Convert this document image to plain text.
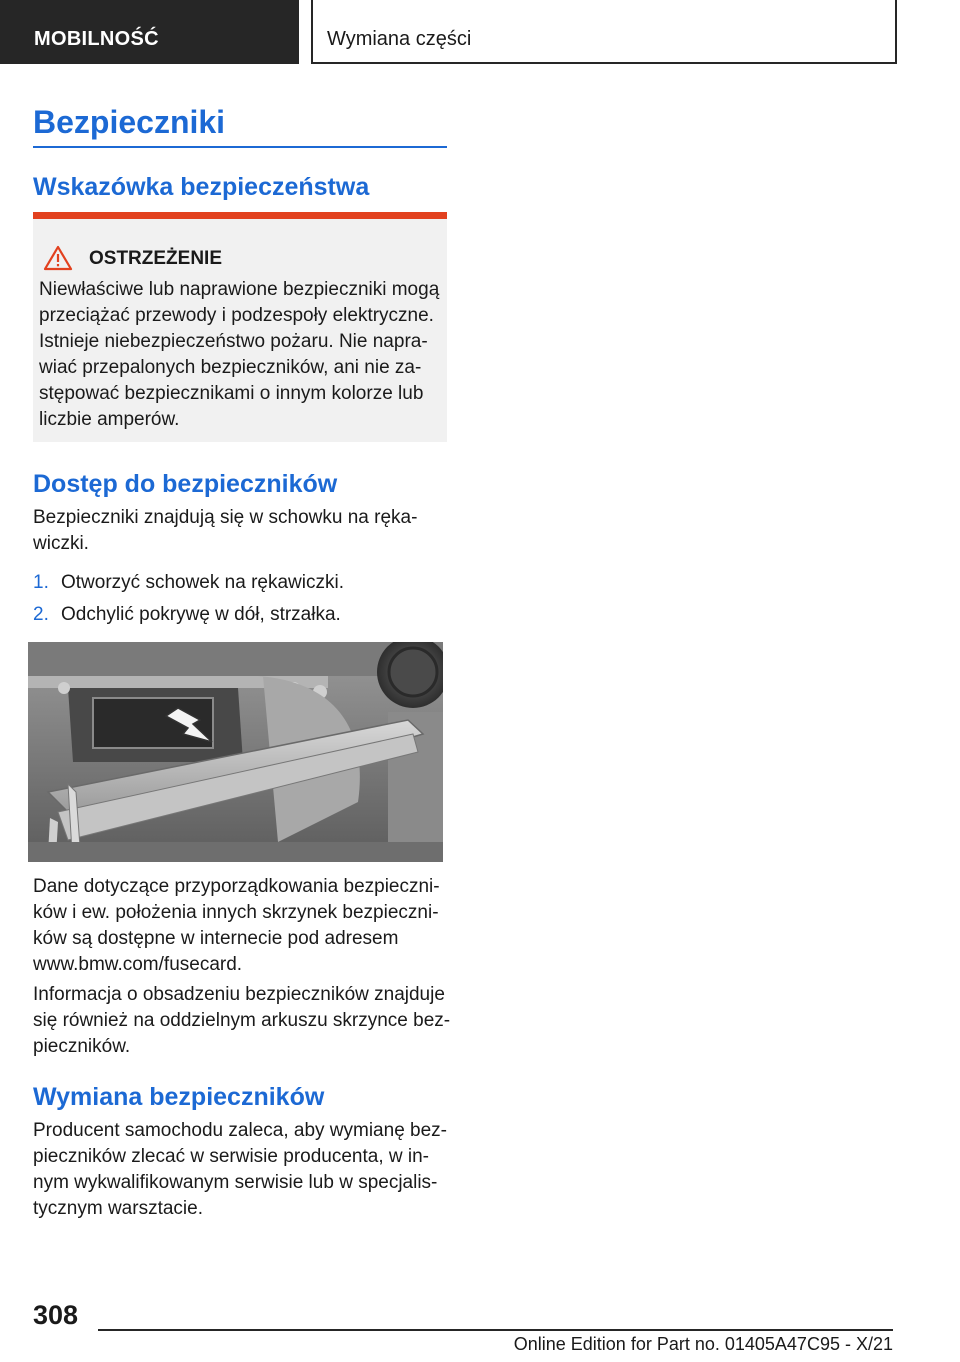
MOBILNOŚĆ	Wymiana części
Bezpieczniki
Wskazówka bezpieczeństwa
OSTRZEŻENIE
Niewłaściwe lub naprawione bezpieczniki mogą
przeciążać przewody i podzespoły elektryczne.
Istnieje niebezpieczeństwo pożaru. Nie napra-
wiać przepalonych bezpieczników, ani nie za-
stępować bezpiecznikami o innym kolorze lub
liczbie amperów.
Dostęp do bezpieczników
Bezpieczniki znajdują się w schowku na ręka-
wiczki.
1. Otworzyć schowek na rękawiczki.
2. Odchylić pokrywę w dół, strzałka.
Dane dotyczące przyporządkowania bezpieczni-
ków i ew. położenia innych skrzynek bezpieczni-
ków są dostępne w internecie pod adresem
www.bmw.com/fusecard.
Informacja o obsadzeniu bezpieczników znajduje
się również na oddzielnym arkuszu skrzynce bez-
pieczników.
Wymiana bezpieczników
Producent samochodu zaleca, aby wymianę bez-
pieczników zlecać w serwisie producenta, w in-
nym wykwalifikowanym serwisie lub w specjalis-
tycznym warsztacie.
308
Online Edition for Part no. 01405A47C95 - X/21
